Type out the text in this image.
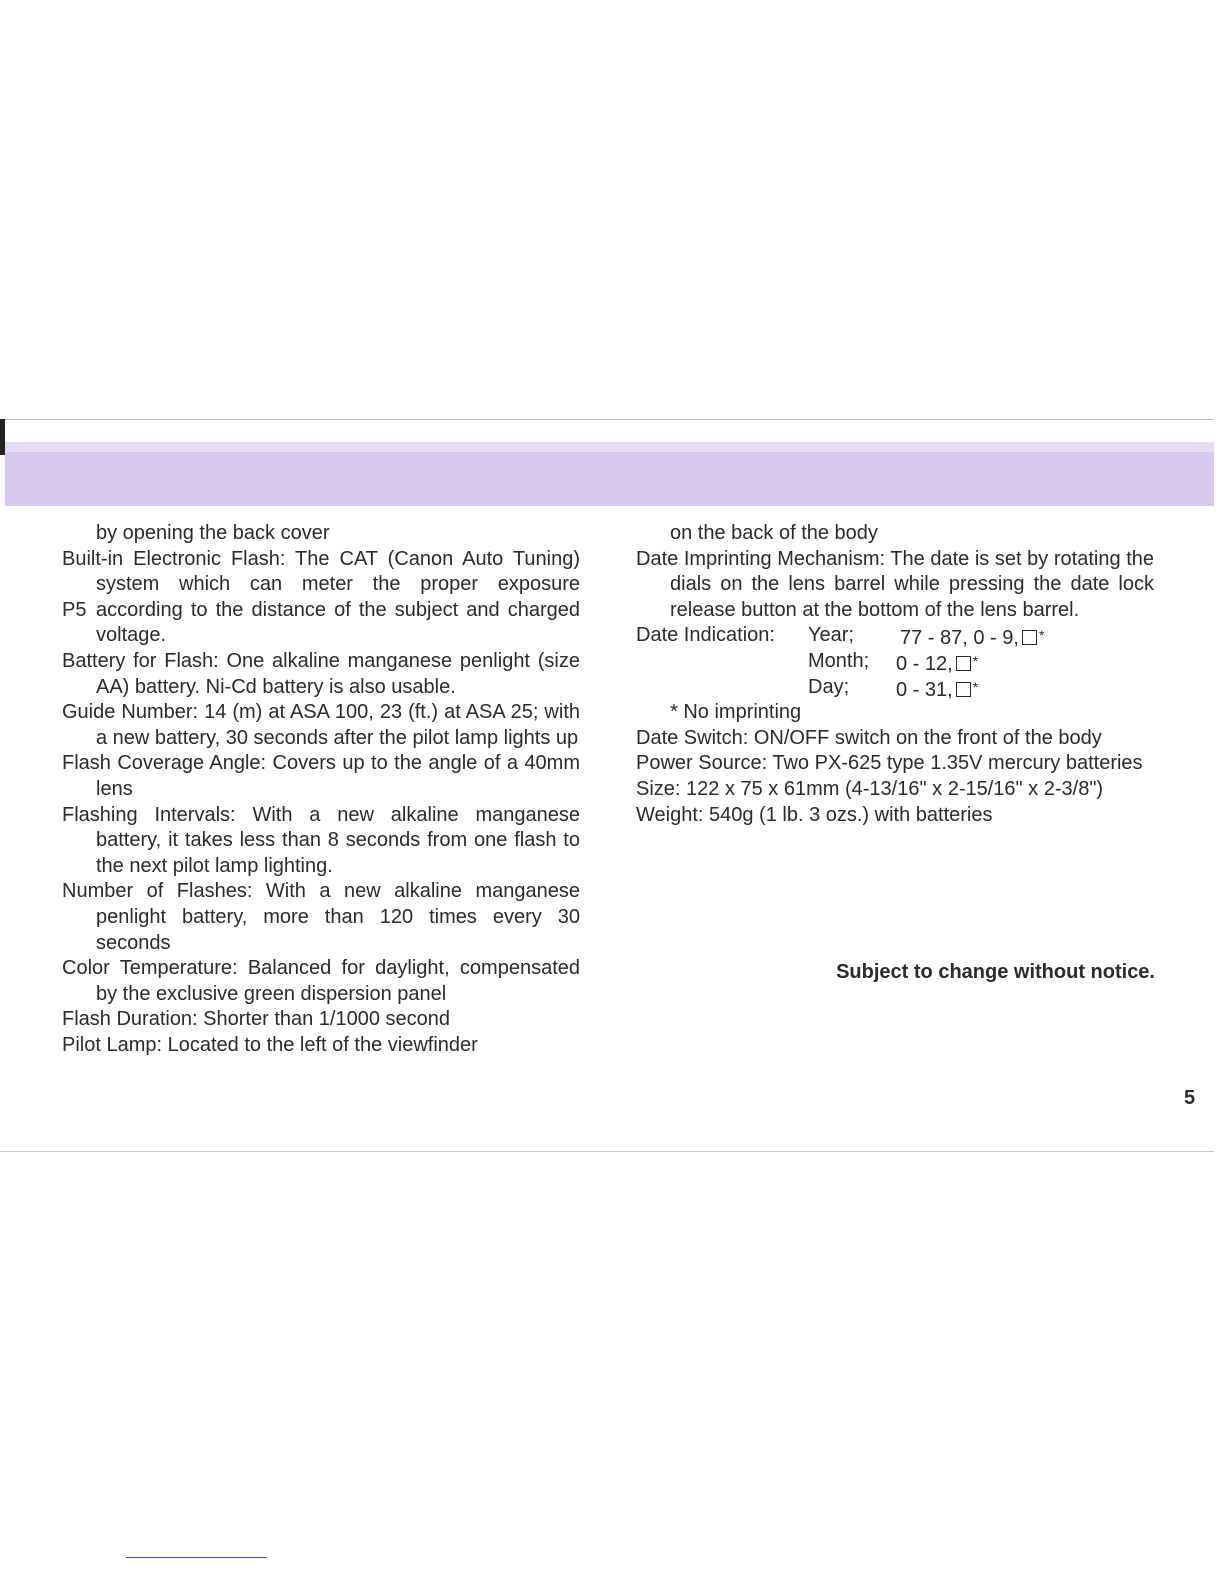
P5
by opening the back cover
Built-in Electronic Flash: The CAT (Canon Auto Tuning) system which can meter the proper exposure according to the distance of the subject and charged voltage.
Battery for Flash: One alkaline manganese penlight (size AA) battery. Ni-Cd battery is also usable.
Guide Number: 14 (m) at ASA 100, 23 (ft.) at ASA 25; with a new battery, 30 seconds after the pilot lamp lights up
Flash Coverage Angle: Covers up to the angle of a 40mm lens
Flashing Intervals: With a new alkaline manganese battery, it takes less than 8 seconds from one flash to the next pilot lamp lighting.
Number of Flashes: With a new alkaline manganese penlight battery, more than 120 times every 30 seconds
Color Temperature: Balanced for daylight, compensated by the exclusive green dispersion panel
Flash Duration: Shorter than 1/1000 second
Pilot Lamp: Located to the left of the viewfinder
on the back of the body
Date Imprinting Mechanism: The date is set by rotating the dials on the lens barrel while pressing the date lock release button at the bottom of the lens barrel.
Date Indication: Year; 77 - 87, 0 - 9, *
Month; 0 - 12, *
Day; 0 - 31, *
* No imprinting
Date Switch: ON/OFF switch on the front of the body
Power Source: Two PX-625 type 1.35V mercury batteries
Size: 122 x 75 x 61mm (4-13/16" x 2-15/16" x 2-3/8")
Weight: 540g (1 lb. 3 ozs.) with batteries
Subject to change without notice.
5
